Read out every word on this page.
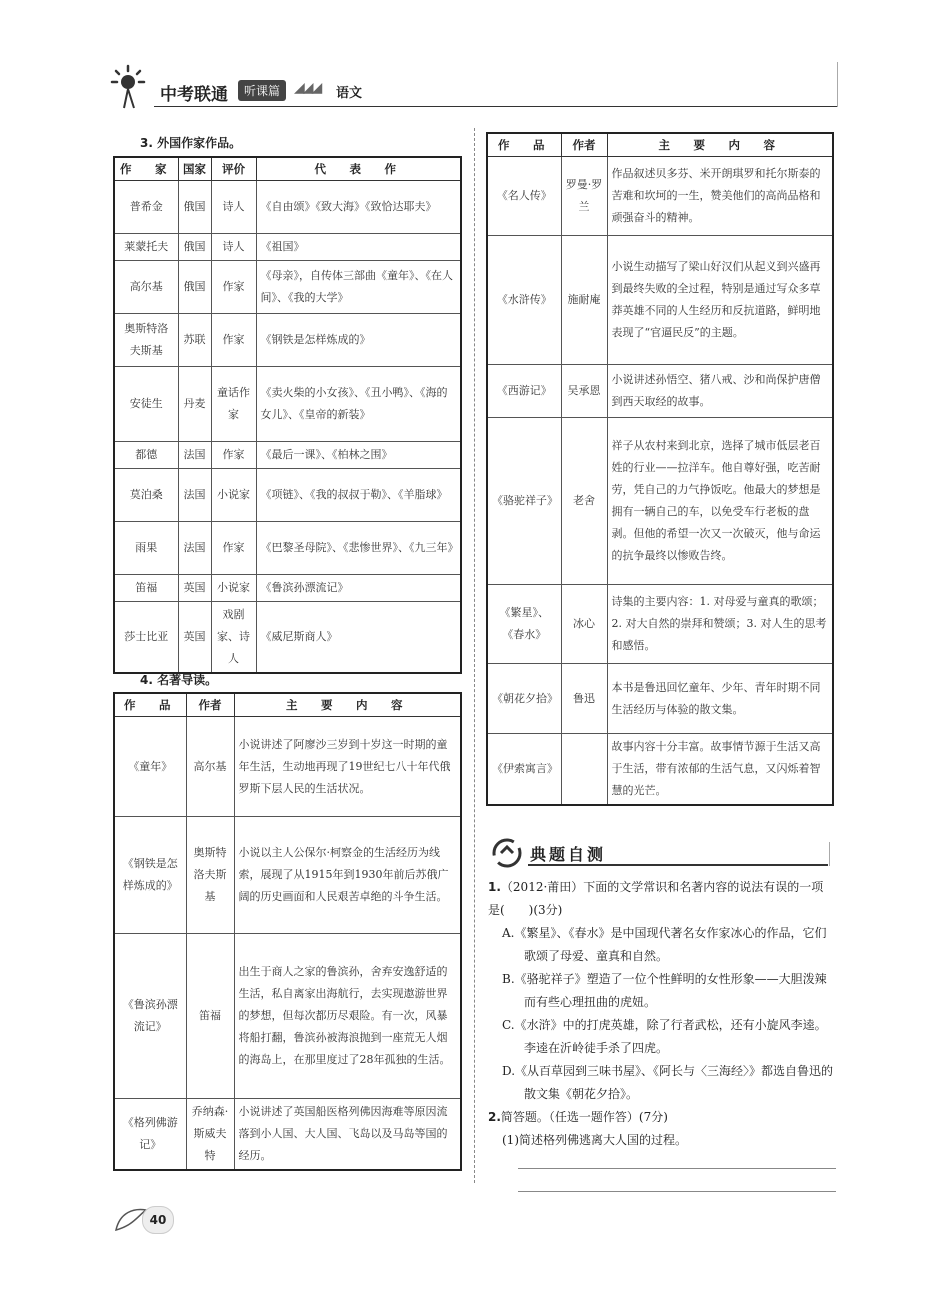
中考联通	听课篇 ◢◢◢ 语文
3. 外国作家作品。
作　家	国家	评价	代　表　作
普希金	俄国	诗人	《自由颂》《致大海》《致恰达耶夫》
莱蒙托夫	俄国	诗人	《祖国》
高尔基	俄国	作家	《母亲》，自传体三部曲《童年》、《在人间》、《我的大学》
奥斯特洛夫斯基	苏联	作家	《钢铁是怎样炼成的》
安徒生	丹麦	童话作家	《卖火柴的小女孩》、《丑小鸭》、《海的女儿》、《皇帝的新装》
都德	法国	作家	《最后一课》、《柏林之围》
莫泊桑	法国	小说家	《项链》、《我的叔叔于勒》、《羊脂球》
雨果	法国	作家	《巴黎圣母院》、《悲惨世界》、《九三年》
笛福	英国	小说家	《鲁滨孙漂流记》
莎士比亚	英国	戏剧家、诗人	《威尼斯商人》
4. 名著导读。
作　品	作者	主　要　内　容
《童年》	高尔基	小说讲述了阿廖沙三岁到十岁这一时期的童年生活，生动地再现了19世纪七八十年代俄罗斯下层人民的生活状况。
《钢铁是怎样炼成的》	奥斯特洛夫斯基	小说以主人公保尔·柯察金的生活经历为线索，展现了从1915年到1930年前后苏俄广阔的历史画面和人民艰苦卓绝的斗争生活。
《鲁滨孙漂流记》	笛福	出生于商人之家的鲁滨孙，舍弃安逸舒适的生活，私自离家出海航行，去实现遨游世界的梦想，但每次都历尽艰险。有一次，风暴将船打翻，鲁滨孙被海浪抛到一座荒无人烟的海岛上，在那里度过了28年孤独的生活。
《格列佛游记》	乔纳森·斯威夫特	小说讲述了英国船医格列佛因海难等原因流落到小人国、大人国、飞岛以及马岛等国的经历。
作　品	作者	主　要　内　容
《名人传》	罗曼·罗兰	作品叙述贝多芬、米开朗琪罗和托尔斯泰的苦难和坎坷的一生，赞美他们的高尚品格和顽强奋斗的精神。
《水浒传》	施耐庵	小说生动描写了梁山好汉们从起义到兴盛再到最终失败的全过程，特别是通过写众多草莽英雄不同的人生经历和反抗道路，鲜明地表现了“官逼民反”的主题。
《西游记》	吴承恩	小说讲述孙悟空、猪八戒、沙和尚保护唐僧到西天取经的故事。
《骆驼祥子》	老舍	祥子从农村来到北京，选择了城市低层老百姓的行业——拉洋车。他自尊好强，吃苦耐劳，凭自己的力气挣饭吃。他最大的梦想是拥有一辆自己的车，以免受车行老板的盘剥。但他的希望一次又一次破灭，他与命运的抗争最终以惨败告终。
《繁星》、《春水》	冰心	诗集的主要内容：1. 对母爱与童真的歌颂；2. 对大自然的崇拜和赞颂；3. 对人生的思考和感悟。
《朝花夕拾》	鲁迅	本书是鲁迅回忆童年、少年、青年时期不同生活经历与体验的散文集。
《伊索寓言》		故事内容十分丰富。故事情节源于生活又高于生活，带有浓郁的生活气息，又闪烁着智慧的光芒。
典题自测
1.（2012·莆田）下面的文学常识和名著内容的说法有误的一项是(　　)(3分)
A.《繁星》、《春水》是中国现代著名女作家冰心的作品，它们歌颂了母爱、童真和自然。
B.《骆驼祥子》塑造了一位个性鲜明的女性形象——大胆泼辣而有些心理扭曲的虎妞。
C.《水浒》中的打虎英雄，除了行者武松，还有小旋风李逵。李逵在沂岭徒手杀了四虎。
D.《从百草园到三味书屋》、《阿长与〈三海经〉》都选自鲁迅的散文集《朝花夕拾》。
2.简答题。（任选一题作答）(7分)
(1)简述格列佛逃离大人国的过程。
40
